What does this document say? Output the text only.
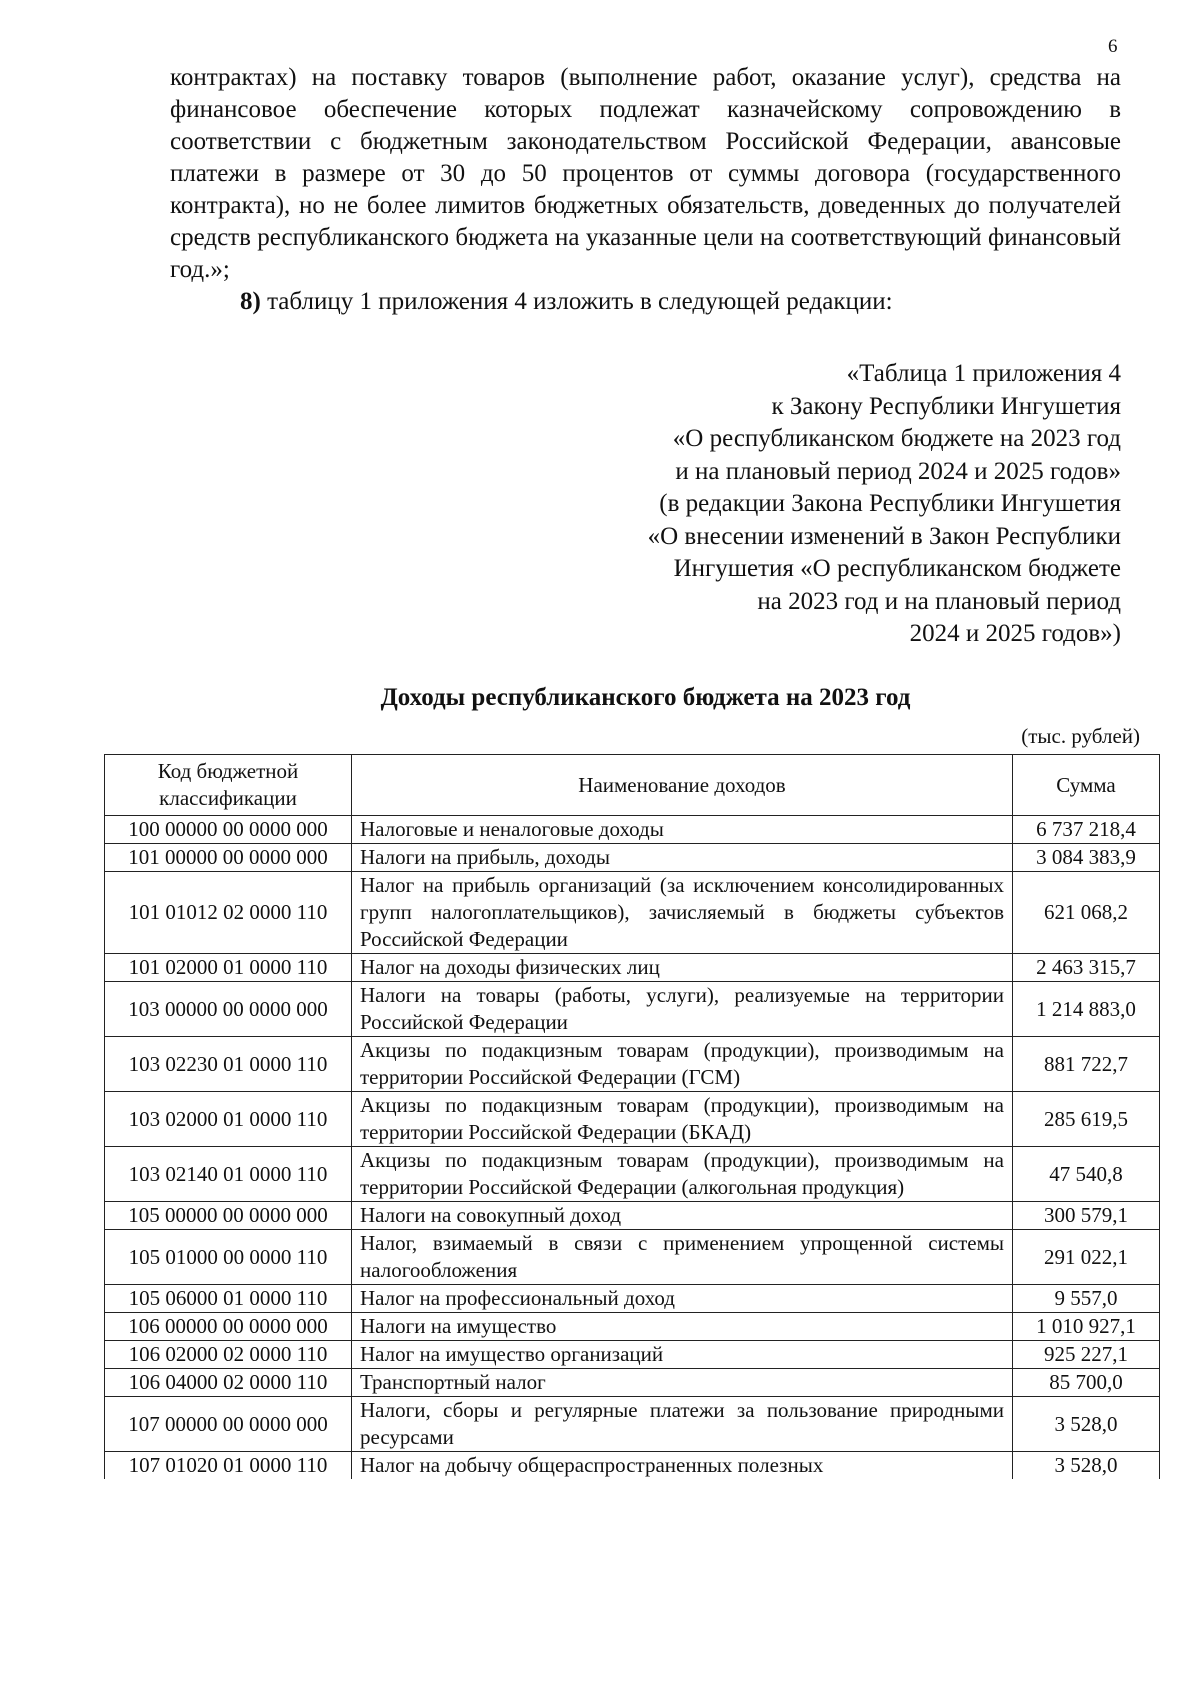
6

контрактах) на поставку товаров (выполнение работ, оказание услуг), средства на финансовое обеспечение которых подлежат казначейскому сопровождению в соответствии с бюджетным законодательством Российской Федерации, авансовые платежи в размере от 30 до 50 процентов от суммы договора (государственного контракта), но не более лимитов бюджетных обязательств, доведенных до получателей средств республиканского бюджета на указанные цели на соответствующий финансовый год.»;

8) таблицу 1 приложения 4 изложить в следующей редакции:

«Таблица 1 приложения 4
к Закону Республики Ингушетия
«О республиканском бюджете на 2023 год
и на плановый период 2024 и 2025 годов»
(в редакции Закона Республики Ингушетия
«О внесении изменений в Закон Республики
Ингушетия «О республиканском бюджете
на 2023 год и на плановый период
2024 и 2025 годов»)
Доходы республиканского бюджета на 2023 год
(тыс. рублей)
Код бюджетной классификации	Наименование доходов	Сумма
100 00000 00 0000 000	Налоговые и неналоговые доходы	6 737 218,4
101 00000 00 0000 000	Налоги на прибыль, доходы	3 084 383,9
101 01012 02 0000 110	Налог на прибыль организаций (за исключением консолидированных групп налогоплательщиков), зачисляемый в бюджеты субъектов Российской Федерации	621 068,2
101 02000 01 0000 110	Налог на доходы физических лиц	2 463 315,7
103 00000 00 0000 000	Налоги на товары (работы, услуги), реализуемые на территории Российской Федерации	1 214 883,0
103 02230 01 0000 110	Акцизы по подакцизным товарам (продукции), производимым на территории Российской Федерации (ГСМ)	881 722,7
103 02000 01 0000 110	Акцизы по подакцизным товарам (продукции), производимым на территории Российской Федерации (БКАД)	285 619,5
103 02140 01 0000 110	Акцизы по подакцизным товарам (продукции), производимым на территории Российской Федерации (алкогольная продукция)	47 540,8
105 00000 00 0000 000	Налоги на совокупный доход	300 579,1
105 01000 00 0000 110	Налог, взимаемый в связи с применением упрощенной системы налогообложения	291 022,1
105 06000 01 0000 110	Налог на профессиональный доход	9 557,0
106 00000 00 0000 000	Налоги на имущество	1 010 927,1
106 02000 02 0000 110	Налог на имущество организаций	925 227,1
106 04000 02 0000 110	Транспортный налог	85 700,0
107 00000 00 0000 000	Налоги, сборы и регулярные платежи за пользование природными ресурсами	3 528,0
107 01020 01 0000 110	Налог на добычу общераспространенных полезных	3 528,0
